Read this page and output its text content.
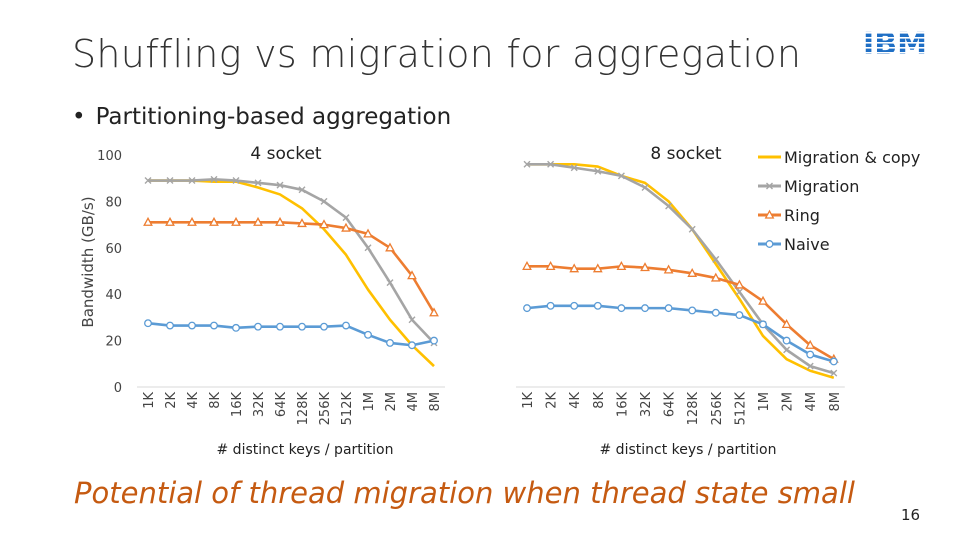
Shuffling vs migration for aggregation
• Partitioning-based aggregation
0
20
40
60
80
100
Bandwidth (GB/s)
4 socket
1K 2K 4K 8K 16K 32K 64K 128K 256K 512K 1M 2M 4M 8M
# distinct keys / partition
8 socket
1K 2K 4K 8K 16K 32K 64K 128K 256K 512K 1M 2M 4M 8M
# distinct keys / partition
Migration & copy
Migration
Ring
Naive
Potential of thread migration when thread state small
16
